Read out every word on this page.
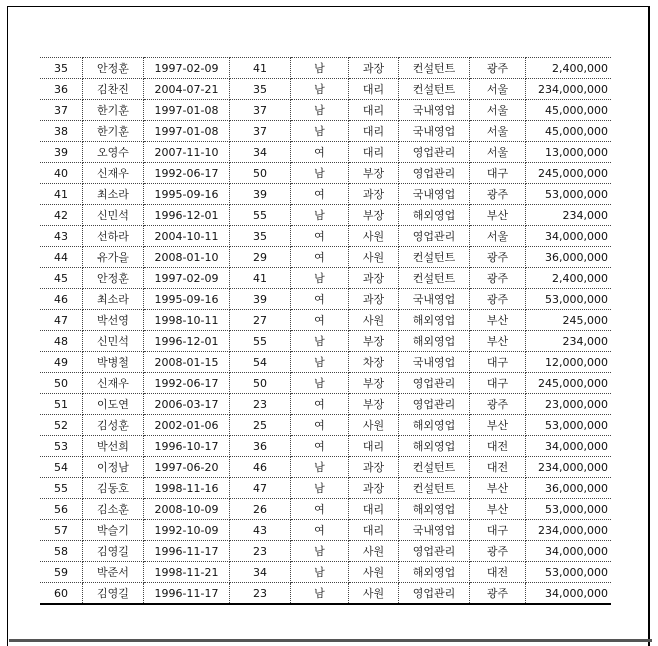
35	안정훈	1997-02-09	41	남	과장	컨설턴트	광주	2,400,000
36	김찬진	2004-07-21	35	남	대리	컨설턴트	서울	234,000,000
37	한기훈	1997-01-08	37	남	대리	국내영업	서울	45,000,000
38	한기훈	1997-01-08	37	남	대리	국내영업	서울	45,000,000
39	오영수	2007-11-10	34	여	대리	영업관리	서울	13,000,000
40	신재우	1992-06-17	50	남	부장	영업관리	대구	245,000,000
41	최소라	1995-09-16	39	여	과장	국내영업	광주	53,000,000
42	신민석	1996-12-01	55	남	부장	해외영업	부산	234,000
43	선하라	2004-10-11	35	여	사원	영업관리	서울	34,000,000
44	유가을	2008-01-10	29	여	사원	컨설턴트	광주	36,000,000
45	안정훈	1997-02-09	41	남	과장	컨설턴트	광주	2,400,000
46	최소라	1995-09-16	39	여	과장	국내영업	광주	53,000,000
47	박선영	1998-10-11	27	여	사원	해외영업	부산	245,000
48	신민석	1996-12-01	55	남	부장	해외영업	부산	234,000
49	박병철	2008-01-15	54	남	차장	국내영업	대구	12,000,000
50	신재우	1992-06-17	50	남	부장	영업관리	대구	245,000,000
51	이도연	2006-03-17	23	여	부장	영업관리	광주	23,000,000
52	김성훈	2002-01-06	25	여	사원	해외영업	부산	53,000,000
53	박선희	1996-10-17	36	여	대리	해외영업	대전	34,000,000
54	이정남	1997-06-20	46	남	과장	컨설턴트	대전	234,000,000
55	김동호	1998-11-16	47	남	과장	컨설턴트	부산	36,000,000
56	김소훈	2008-10-09	26	여	대리	해외영업	부산	53,000,000
57	박슬기	1992-10-09	43	여	대리	국내영업	대구	234,000,000
58	김영길	1996-11-17	23	남	사원	영업관리	광주	34,000,000
59	박준서	1998-11-21	34	남	사원	해외영업	대전	53,000,000
60	김영길	1996-11-17	23	남	사원	영업관리	광주	34,000,000
